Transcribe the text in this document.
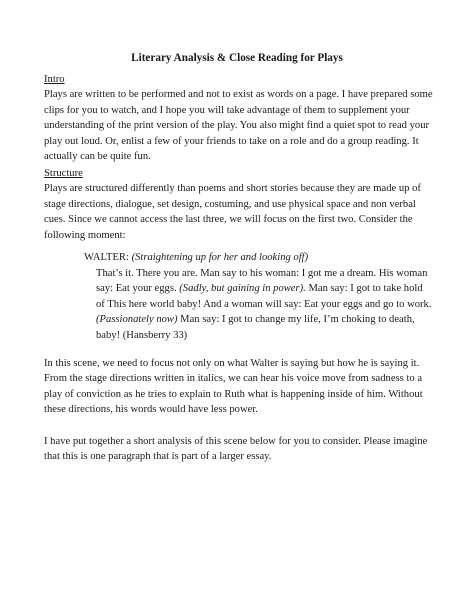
Literary Analysis & Close Reading for Plays
Intro

Plays are written to be performed and not to exist as words on a page. I have prepared some clips for you to watch, and I hope you will take advantage of them to supplement your understanding of the print version of the play. You also might find a quiet spot to read your play out loud. Or, enlist a few of your friends to take on a role and do a group reading. It actually can be quite fun.

Structure

Plays are structured differently than poems and short stories because they are made up of stage directions, dialogue, set design, costuming, and use physical space and non verbal cues. Since we cannot access the last three, we will focus on the first two. Consider the following moment:

WALTER: (Straightening up for her and looking off)
That’s it. There you are. Man say to his woman: I got me a dream. His woman say: Eat your eggs. (Sadly, but gaining in power). Man say: I got to take hold of This here world baby! And a woman will say: Eat your eggs and go to work. (Passionately now) Man say: I got to change my life, I’m choking to death, baby! (Hansberry 33)

In this scene, we need to focus not only on what Walter is saying but how he is saying it. From the stage directions written in italics, we can hear his voice move from sadness to a play of conviction as he tries to explain to Ruth what is happening inside of him. Without these directions, his words would have less power.

I have put together a short analysis of this scene below for you to consider. Please imagine that this is one paragraph that is part of a larger essay.
